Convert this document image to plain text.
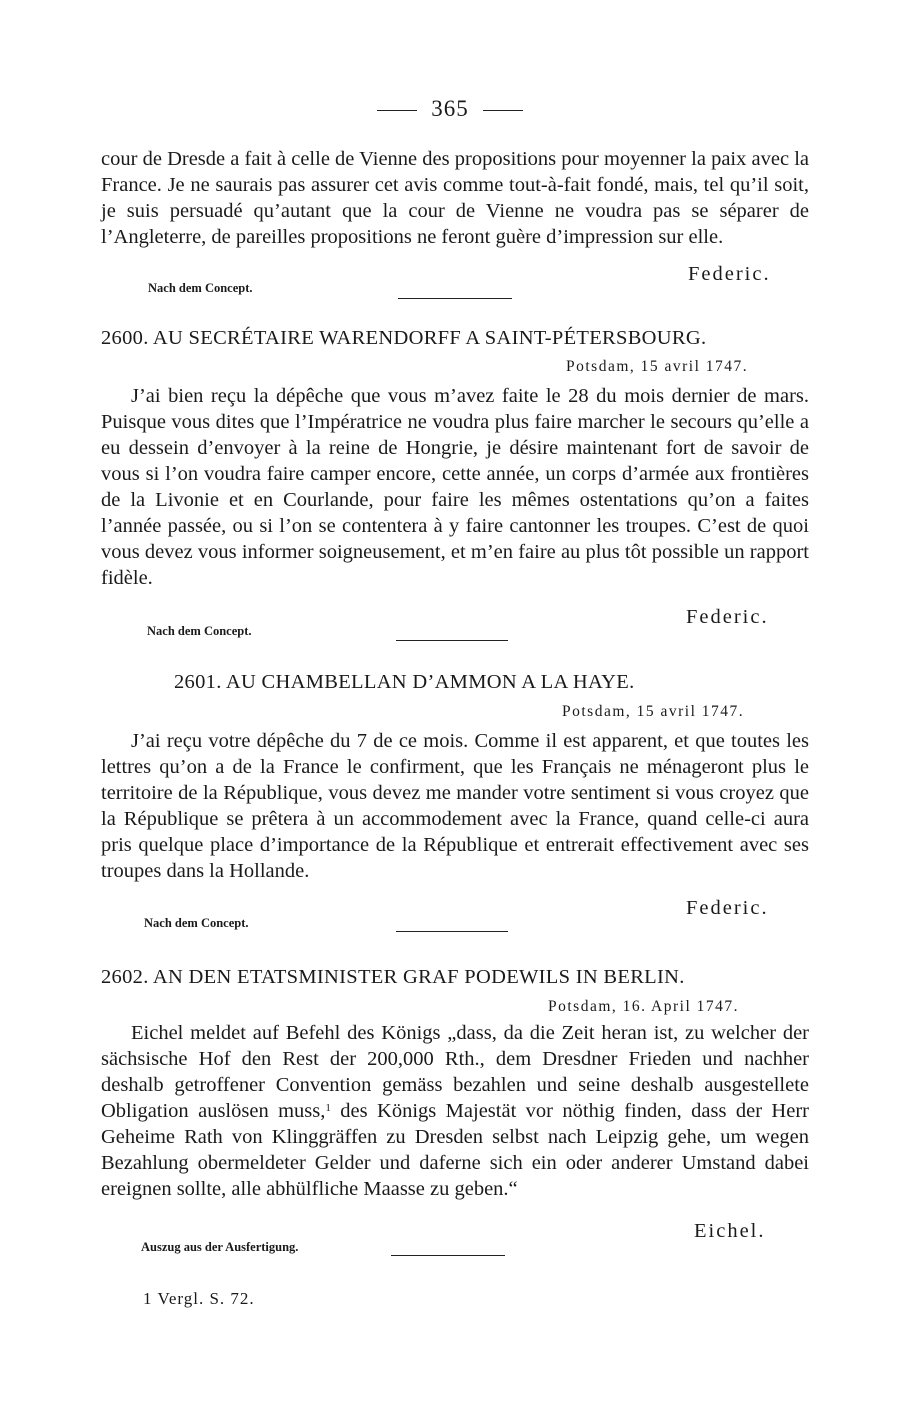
365

cour de Dresde a fait à celle de Vienne des propositions pour moyenner la paix avec la France. Je ne saurais pas assurer cet avis comme tout-à-fait fondé, mais, tel qu’il soit, je suis persuadé qu’autant que la cour de Vienne ne voudra pas se séparer de l’Angleterre, de pareilles propositions ne feront guère d’impression sur elle.

Federic.
Nach dem Concept.
2600. AU SECRÉTAIRE WARENDORFF A SAINT-PÉTERSBOURG.
Potsdam, 15 avril 1747.

J’ai bien reçu la dépêche que vous m’avez faite le 28 du mois dernier de mars. Puisque vous dites que l’Impératrice ne voudra plus faire marcher le secours qu’elle a eu dessein d’envoyer à la reine de Hongrie, je désire maintenant fort de savoir de vous si l’on voudra faire camper encore, cette année, un corps d’armée aux frontières de la Livonie et en Courlande, pour faire les mêmes ostentations qu’on a faites l’année passée, ou si l’on se contentera à y faire cantonner les troupes. C’est de quoi vous devez vous informer soigneusement, et m’en faire au plus tôt possible un rapport fidèle.

Federic.
Nach dem Concept.
2601. AU CHAMBELLAN D’AMMON A LA HAYE.
Potsdam, 15 avril 1747.

J’ai reçu votre dépêche du 7 de ce mois. Comme il est apparent, et que toutes les lettres qu’on a de la France le confirment, que les Français ne ménageront plus le territoire de la République, vous devez me mander votre sentiment si vous croyez que la République se prêtera à un accommodement avec la France, quand celle-ci aura pris quelque place d’importance de la République et entrerait effectivement avec ses troupes dans la Hollande.

Federic.
Nach dem Concept.
2602. AN DEN ETATSMINISTER GRAF PODEWILS IN BERLIN.
Potsdam, 16. April 1747.

Eichel meldet auf Befehl des Königs „dass, da die Zeit heran ist, zu welcher der sächsische Hof den Rest der 200,000 Rth., dem Dresdner Frieden und nachher deshalb getroffener Convention gemäss bezahlen und seine deshalb ausgestellete Obligation auslösen muss,$^1$ des Königs Majestät vor nöthig finden, dass der Herr Geheime Rath von Klinggräffen zu Dresden selbst nach Leipzig gehe, um wegen Bezahlung obermeldeter Gelder und daferne sich ein oder anderer Umstand dabei ereignen sollte, alle abhülfliche Maasse zu geben.“

Eichel.
Auszug aus der Ausfertigung.
1 Vergl. S. 72.
